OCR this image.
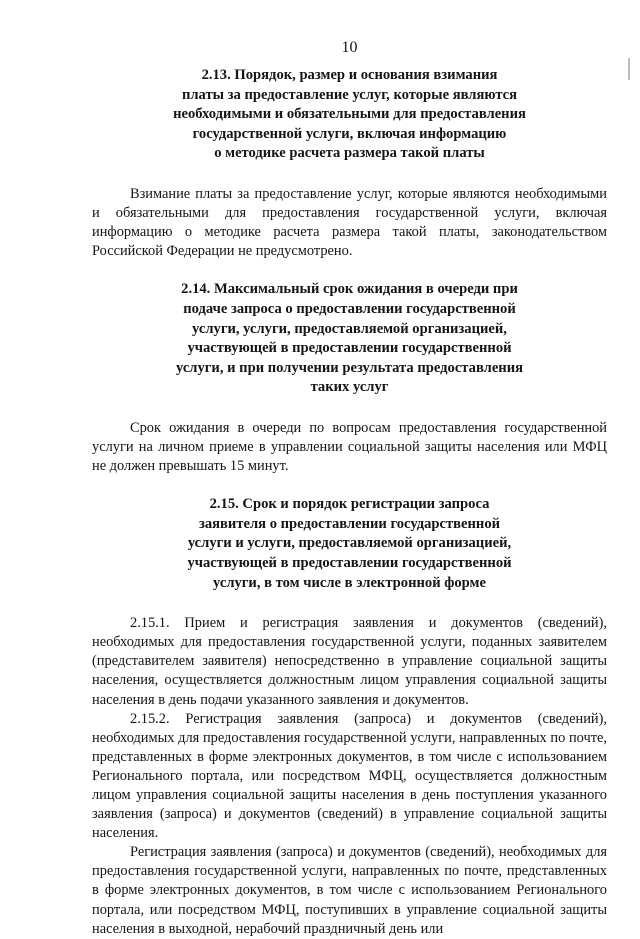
10
2.13. Порядок, размер и основания взимания
платы за предоставление услуг, которые являются
необходимыми и обязательными для предоставления
государственной услуги, включая информацию
о методике расчета размера такой платы

Взимание платы за предоставление услуг, которые являются необходимыми и обязательными для предоставления государственной услуги, включая информацию о методике расчета размера такой платы, законодательством Российской Федерации не предусмотрено.

2.14. Максимальный срок ожидания в очереди при
подаче запроса о предоставлении государственной
услуги, услуги, предоставляемой организацией,
участвующей в предоставлении государственной
услуги, и при получении результата предоставления
таких услуг

Срок ожидания в очереди по вопросам предоставления государственной услуги на личном приеме в управлении социальной защиты населения или МФЦ не должен превышать 15 минут.

2.15. Срок и порядок регистрации запроса
заявителя о предоставлении государственной
услуги и услуги, предоставляемой организацией,
участвующей в предоставлении государственной
услуги, в том числе в электронной форме

2.15.1. Прием и регистрация заявления и документов (сведений), необходимых для предоставления государственной услуги, поданных заявителем (представителем заявителя) непосредственно в управление социальной защиты населения, осуществляется должностным лицом управления социальной защиты населения в день подачи указанного заявления и документов.

2.15.2. Регистрация заявления (запроса) и документов (сведений), необходимых для предоставления государственной услуги, направленных по почте, представленных в форме электронных документов, в том числе с использованием Регионального портала, или посредством МФЦ, осуществляется должностным лицом управления социальной защиты населения в день поступления указанного заявления (запроса) и документов (сведений) в управление социальной защиты населения.

Регистрация заявления (запроса) и документов (сведений), необходимых для предоставления государственной услуги, направленных по почте, представленных в форме электронных документов, в том числе с использованием Регионального портала, или посредством МФЦ, поступивших в управление социальной защиты населения в выходной, нерабочий праздничный день или
